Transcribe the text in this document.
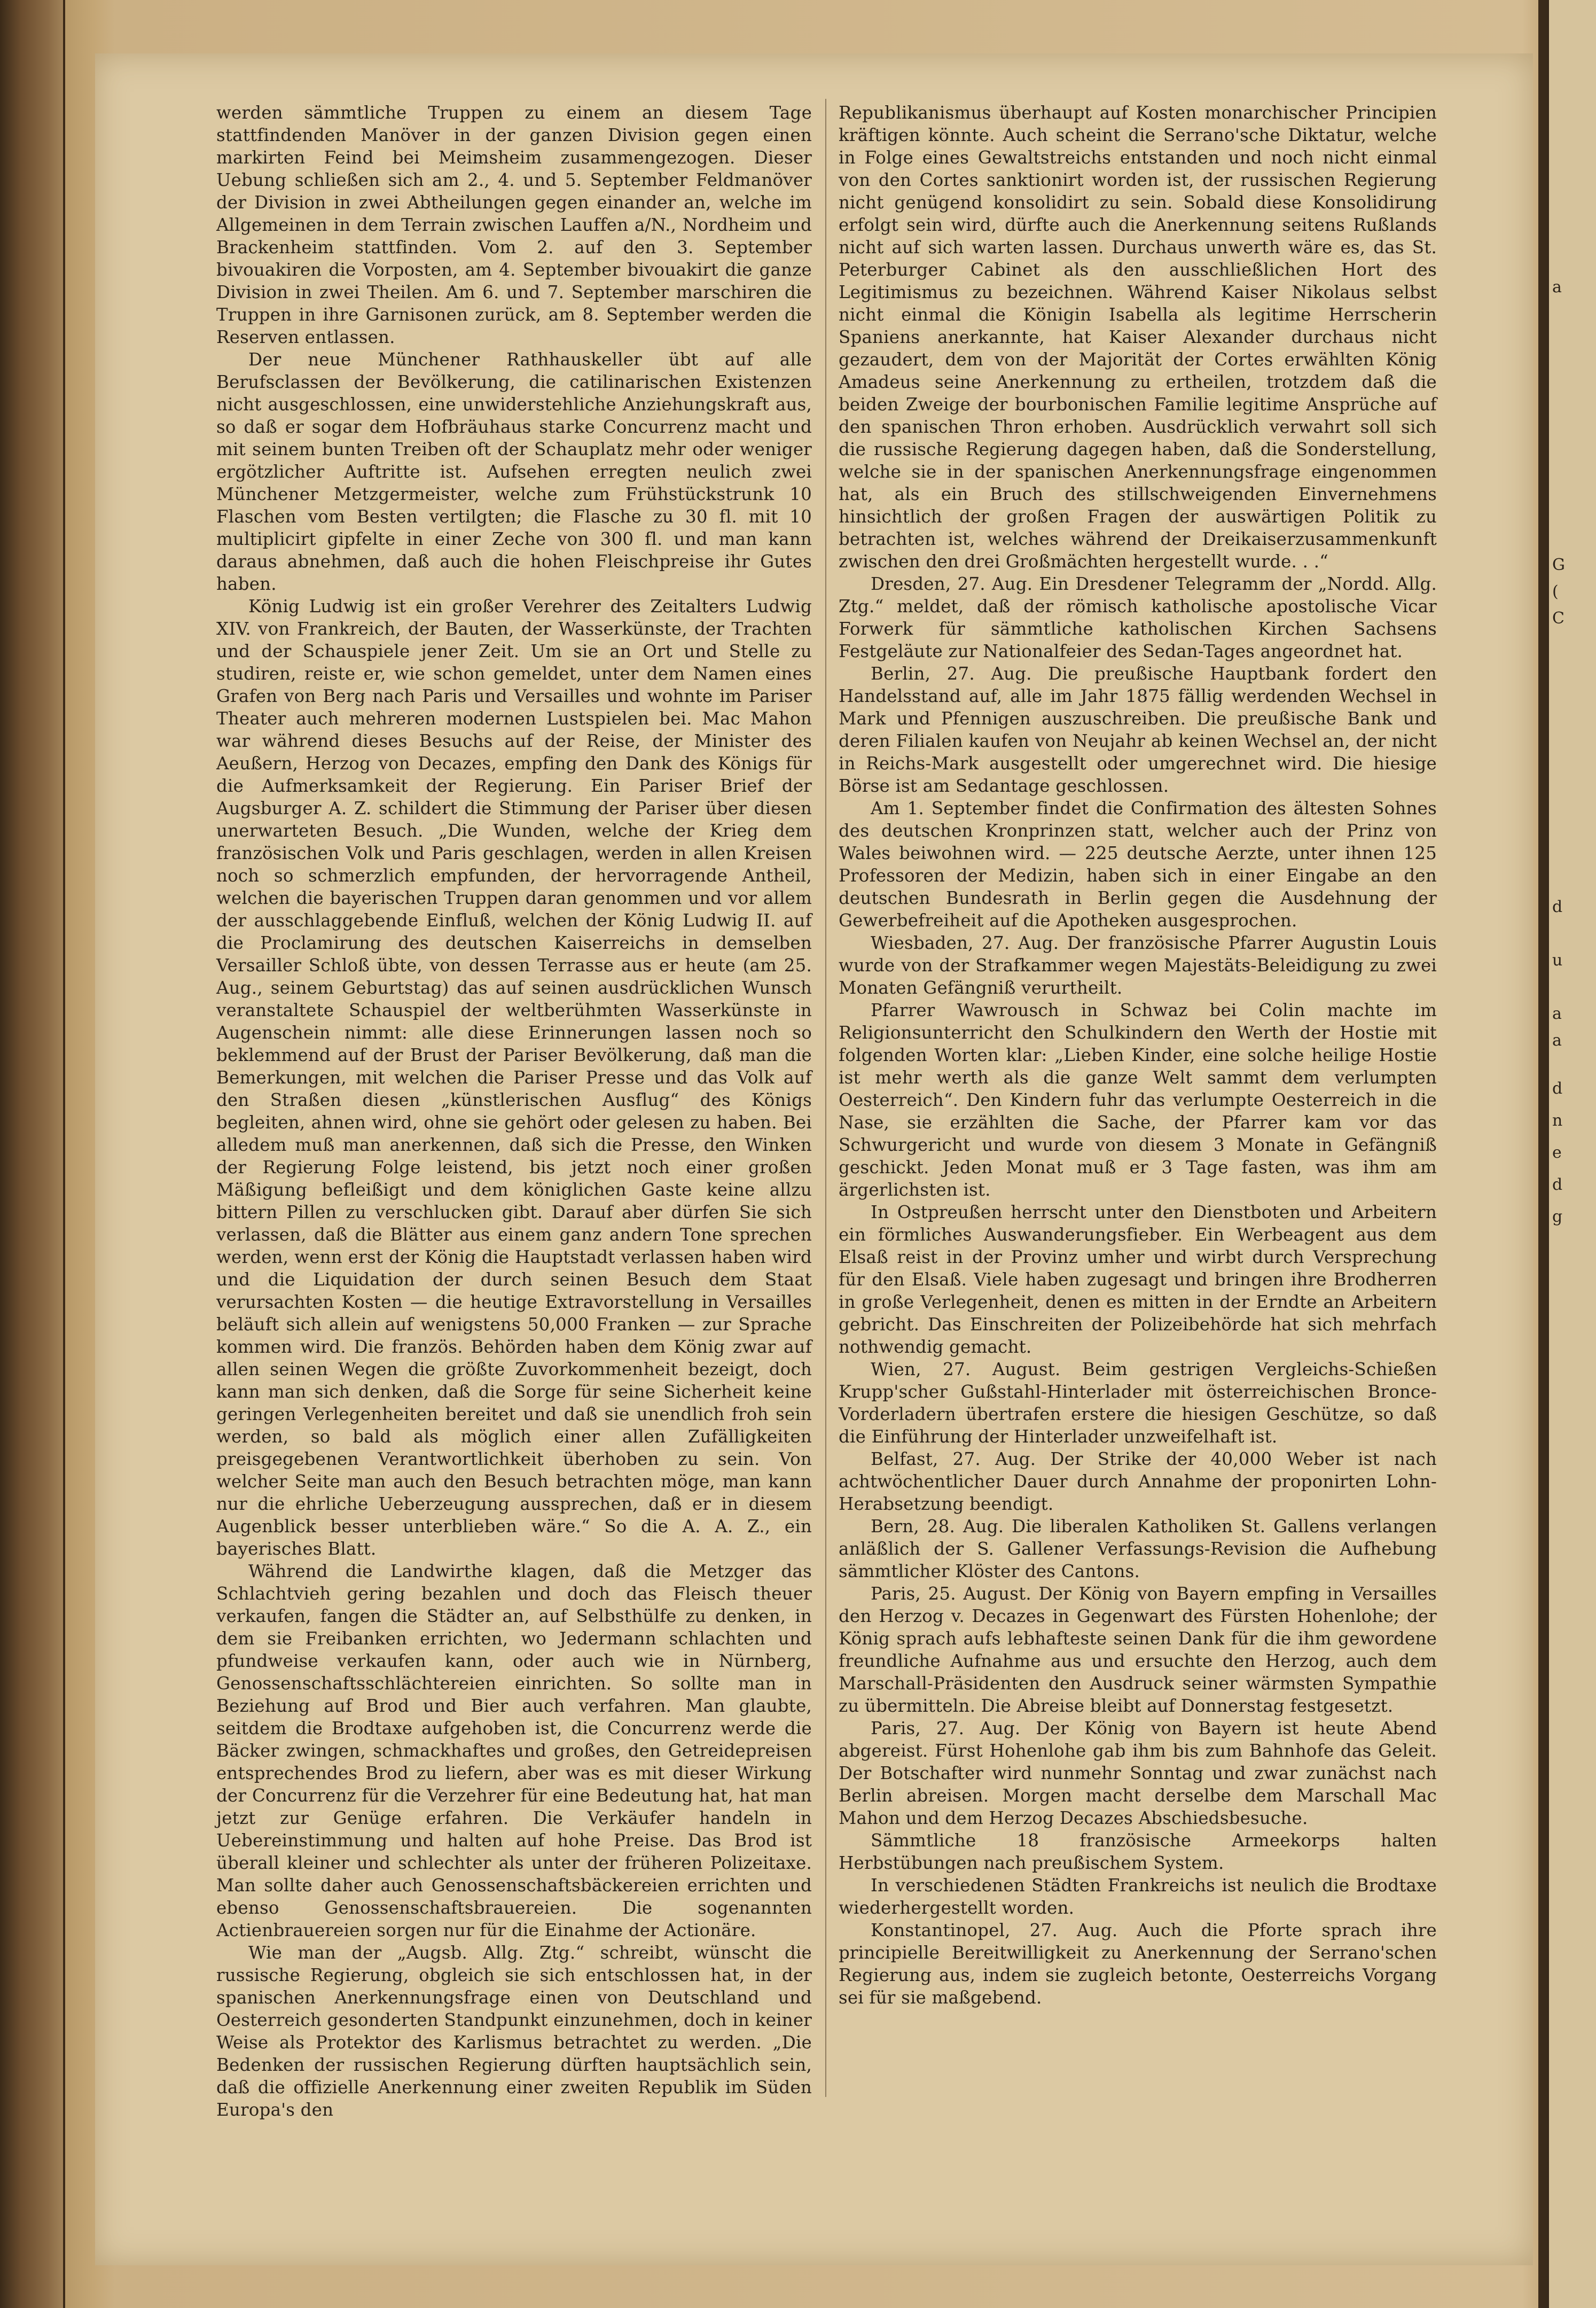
a
G
(
C
d
u
a
a
d
n
e
d
g

werden sämmtliche Truppen zu einem an diesem Tage stattfindenden Manöver in der ganzen Division gegen einen markirten Feind bei Meimsheim zusammengezogen. Dieser Uebung schließen sich am 2., 4. und 5. September Feldmanöver der Division in zwei Abtheilungen gegen einander an, welche im Allgemeinen in dem Terrain zwischen Lauffen a/N., Nordheim und Brackenheim stattfinden. Vom 2. auf den 3. September bivouakiren die Vorposten, am 4. September bivouakirt die ganze Division in zwei Theilen. Am 6. und 7. September marschiren die Truppen in ihre Garnisonen zurück, am 8. September werden die Reserven entlassen.

Der neue Münchener Rathhauskeller übt auf alle Berufsclassen der Bevölkerung, die catilinarischen Existenzen nicht ausgeschlossen, eine unwiderstehliche Anziehungskraft aus, so daß er sogar dem Hofbräuhaus starke Concurrenz macht und mit seinem bunten Treiben oft der Schauplatz mehr oder weniger ergötzlicher Auftritte ist. Aufsehen erregten neulich zwei Münchener Metzgermeister, welche zum Frühstückstrunk 10 Flaschen vom Besten vertilgten; die Flasche zu 30 fl. mit 10 multiplicirt gipfelte in einer Zeche von 300 fl. und man kann daraus abnehmen, daß auch die hohen Fleischpreise ihr Gutes haben.

König Ludwig ist ein großer Verehrer des Zeitalters Ludwig XIV. von Frankreich, der Bauten, der Wasserkünste, der Trachten und der Schauspiele jener Zeit. Um sie an Ort und Stelle zu studiren, reiste er, wie schon gemeldet, unter dem Namen eines Grafen von Berg nach Paris und Versailles und wohnte im Pariser Theater auch mehreren modernen Lustspielen bei. Mac Mahon war während dieses Besuchs auf der Reise, der Minister des Aeußern, Herzog von Decazes, empfing den Dank des Königs für die Aufmerksamkeit der Regierung. Ein Pariser Brief der Augsburger A. Z. schildert die Stimmung der Pariser über diesen unerwarteten Besuch. „Die Wunden, welche der Krieg dem französischen Volk und Paris geschlagen, werden in allen Kreisen noch so schmerzlich empfunden, der hervorragende Antheil, welchen die bayerischen Truppen daran genommen und vor allem der ausschlaggebende Einfluß, welchen der König Ludwig II. auf die Proclamirung des deutschen Kaiserreichs in demselben Versailler Schloß übte, von dessen Terrasse aus er heute (am 25. Aug., seinem Geburtstag) das auf seinen ausdrücklichen Wunsch veranstaltete Schauspiel der weltberühmten Wasserkünste in Augenschein nimmt: alle diese Erinnerungen lassen noch so beklemmend auf der Brust der Pariser Bevölkerung, daß man die Bemerkungen, mit welchen die Pariser Presse und das Volk auf den Straßen diesen „künstlerischen Ausflug“ des Königs begleiten, ahnen wird, ohne sie gehört oder gelesen zu haben. Bei alledem muß man anerkennen, daß sich die Presse, den Winken der Regierung Folge leistend, bis jetzt noch einer großen Mäßigung befleißigt und dem königlichen Gaste keine allzu bittern Pillen zu verschlucken gibt. Darauf aber dürfen Sie sich verlassen, daß die Blätter aus einem ganz andern Tone sprechen werden, wenn erst der König die Hauptstadt verlassen haben wird und die Liquidation der durch seinen Besuch dem Staat verursachten Kosten — die heutige Extravorstellung in Versailles beläuft sich allein auf wenigstens 50,000 Franken — zur Sprache kommen wird. Die französ. Behörden haben dem König zwar auf allen seinen Wegen die größte Zuvorkommenheit bezeigt, doch kann man sich denken, daß die Sorge für seine Sicherheit keine geringen Verlegenheiten bereitet und daß sie unendlich froh sein werden, so bald als möglich einer allen Zufälligkeiten preisgegebenen Verantwortlichkeit überhoben zu sein. Von welcher Seite man auch den Besuch betrachten möge, man kann nur die ehrliche Ueberzeugung aussprechen, daß er in diesem Augenblick besser unterblieben wäre.“ So die A. A. Z., ein bayerisches Blatt.

Während die Landwirthe klagen, daß die Metzger das Schlachtvieh gering bezahlen und doch das Fleisch theuer verkaufen, fangen die Städter an, auf Selbsthülfe zu denken, in dem sie Freibanken errichten, wo Jedermann schlachten und pfundweise verkaufen kann, oder auch wie in Nürnberg, Genossenschaftsschlächtereien einrichten. So sollte man in Beziehung auf Brod und Bier auch verfahren. Man glaubte, seitdem die Brodtaxe aufgehoben ist, die Concurrenz werde die Bäcker zwingen, schmackhaftes und großes, den Getreidepreisen entsprechendes Brod zu liefern, aber was es mit dieser Wirkung der Concurrenz für die Verzehrer für eine Bedeutung hat, hat man jetzt zur Genüge erfahren. Die Verkäufer handeln in Uebereinstimmung und halten auf hohe Preise. Das Brod ist überall kleiner und schlechter als unter der früheren Polizeitaxe. Man sollte daher auch Genossenschaftsbäckereien errichten und ebenso Genossenschaftsbrauereien. Die sogenannten Actienbrauereien sorgen nur für die Einahme der Actionäre.

Wie man der „Augsb. Allg. Ztg.“ schreibt, wünscht die russische Regierung, obgleich sie sich entschlossen hat, in der spanischen Anerkennungsfrage einen von Deutschland und Oesterreich gesonderten Standpunkt einzunehmen, doch in keiner Weise als Protektor des Karlismus betrachtet zu werden. „Die Bedenken der russischen Regierung dürften hauptsächlich sein, daß die offizielle Anerkennung einer zweiten Republik im Süden Europa's den

Republikanismus überhaupt auf Kosten monarchischer Principien kräftigen könnte. Auch scheint die Serrano'sche Diktatur, welche in Folge eines Gewaltstreichs entstanden und noch nicht einmal von den Cortes sanktionirt worden ist, der russischen Regierung nicht genügend konsolidirt zu sein. Sobald diese Konsolidirung erfolgt sein wird, dürfte auch die Anerkennung seitens Rußlands nicht auf sich warten lassen. Durchaus unwerth wäre es, das St. Peterburger Cabinet als den ausschließlichen Hort des Legitimismus zu bezeichnen. Während Kaiser Nikolaus selbst nicht einmal die Königin Isabella als legitime Herrscherin Spaniens anerkannte, hat Kaiser Alexander durchaus nicht gezaudert, dem von der Majorität der Cortes erwählten König Amadeus seine Anerkennung zu ertheilen, trotzdem daß die beiden Zweige der bourbonischen Familie legitime Ansprüche auf den spanischen Thron erhoben. Ausdrücklich verwahrt soll sich die russische Regierung dagegen haben, daß die Sonderstellung, welche sie in der spanischen Anerkennungsfrage eingenommen hat, als ein Bruch des stillschweigenden Einvernehmens hinsichtlich der großen Fragen der auswärtigen Politik zu betrachten ist, welches während der Dreikaiserzusammenkunft zwischen den drei Großmächten hergestellt wurde. . .“

Dresden, 27. Aug. Ein Dresdener Telegramm der „Nordd. Allg. Ztg.“ meldet, daß der römisch katholische apostolische Vicar Forwerk für sämmtliche katholischen Kirchen Sachsens Festgeläute zur Nationalfeier des Sedan-Tages angeordnet hat.

Berlin, 27. Aug. Die preußische Hauptbank fordert den Handelsstand auf, alle im Jahr 1875 fällig werdenden Wechsel in Mark und Pfennigen auszuschreiben. Die preußische Bank und deren Filialen kaufen von Neujahr ab keinen Wechsel an, der nicht in Reichs-Mark ausgestellt oder umgerechnet wird. Die hiesige Börse ist am Sedantage geschlossen.

Am 1. September findet die Confirmation des ältesten Sohnes des deutschen Kronprinzen statt, welcher auch der Prinz von Wales beiwohnen wird. — 225 deutsche Aerzte, unter ihnen 125 Professoren der Medizin, haben sich in einer Eingabe an den deutschen Bundesrath in Berlin gegen die Ausdehnung der Gewerbefreiheit auf die Apotheken ausgesprochen.

Wiesbaden, 27. Aug. Der französische Pfarrer Augustin Louis wurde von der Strafkammer wegen Majestäts-Beleidigung zu zwei Monaten Gefängniß verurtheilt.

Pfarrer Wawrousch in Schwaz bei Colin machte im Religionsunterricht den Schulkindern den Werth der Hostie mit folgenden Worten klar: „Lieben Kinder, eine solche heilige Hostie ist mehr werth als die ganze Welt sammt dem verlumpten Oesterreich“. Den Kindern fuhr das verlumpte Oesterreich in die Nase, sie erzählten die Sache, der Pfarrer kam vor das Schwurgericht und wurde von diesem 3 Monate in Gefängniß geschickt. Jeden Monat muß er 3 Tage fasten, was ihm am ärgerlichsten ist.

In Ostpreußen herrscht unter den Dienstboten und Arbeitern ein förmliches Auswanderungsfieber. Ein Werbeagent aus dem Elsaß reist in der Provinz umher und wirbt durch Versprechung für den Elsaß. Viele haben zugesagt und bringen ihre Brodherren in große Verlegenheit, denen es mitten in der Erndte an Arbeitern gebricht. Das Einschreiten der Polizeibehörde hat sich mehrfach nothwendig gemacht.

Wien, 27. August. Beim gestrigen Vergleichs-Schießen Krupp'scher Gußstahl-Hinterlader mit österreichischen Bronce-Vorderladern übertrafen erstere die hiesigen Geschütze, so daß die Einführung der Hinterlader unzweifelhaft ist.

Belfast, 27. Aug. Der Strike der 40,000 Weber ist nach achtwöchentlicher Dauer durch Annahme der proponirten Lohn-Herabsetzung beendigt.

Bern, 28. Aug. Die liberalen Katholiken St. Gallens verlangen anläßlich der S. Gallener Verfassungs-Revision die Aufhebung sämmtlicher Klöster des Cantons.

Paris, 25. August. Der König von Bayern empfing in Versailles den Herzog v. Decazes in Gegenwart des Fürsten Hohenlohe; der König sprach aufs lebhafteste seinen Dank für die ihm gewordene freundliche Aufnahme aus und ersuchte den Herzog, auch dem Marschall-Präsidenten den Ausdruck seiner wärmsten Sympathie zu übermitteln. Die Abreise bleibt auf Donnerstag festgesetzt.

Paris, 27. Aug. Der König von Bayern ist heute Abend abgereist. Fürst Hohenlohe gab ihm bis zum Bahnhofe das Geleit. Der Botschafter wird nunmehr Sonntag und zwar zunächst nach Berlin abreisen. Morgen macht derselbe dem Marschall Mac Mahon und dem Herzog Decazes Abschiedsbesuche.

Sämmtliche 18 französische Armeekorps halten Herbstübungen nach preußischem System.

In verschiedenen Städten Frankreichs ist neulich die Brodtaxe wiederhergestellt worden.

Konstantinopel, 27. Aug. Auch die Pforte sprach ihre principielle Bereitwilligkeit zu Anerkennung der Serrano'schen Regierung aus, indem sie zugleich betonte, Oesterreichs Vorgang sei für sie maßgebend.
